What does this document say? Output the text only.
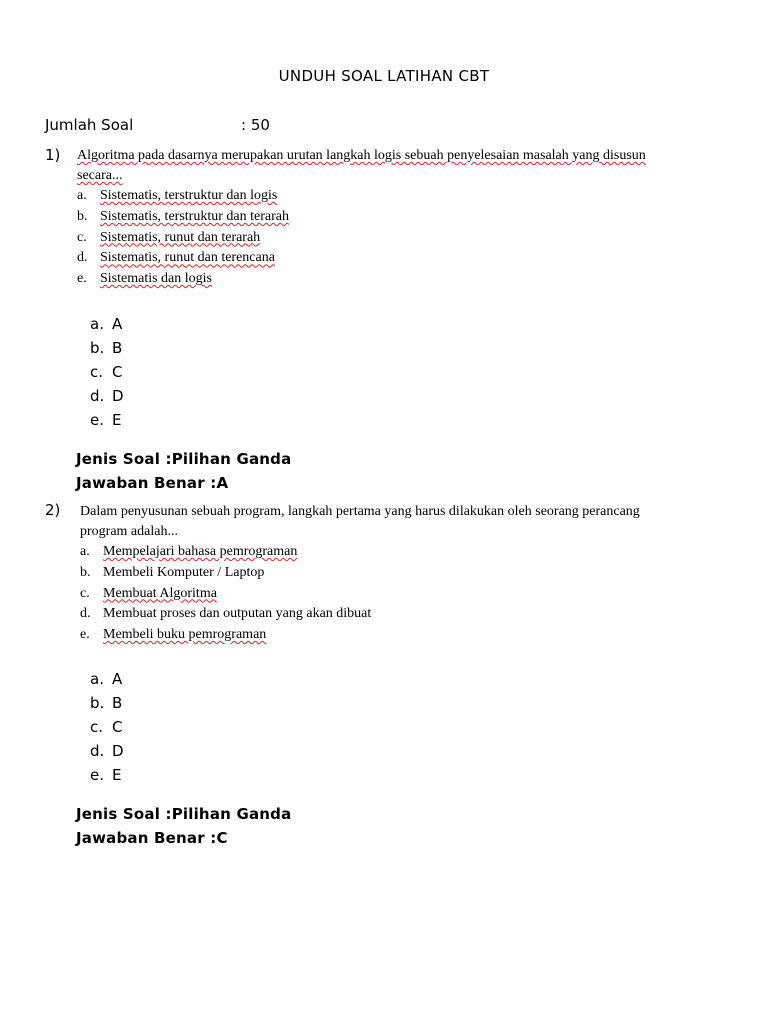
UNDUH SOAL LATIHAN CBT
Jumlah Soal	: 50
1) Algoritma pada dasarnya merupakan urutan langkah logis sebuah penyelesaian masalah yang disusun
secara...
a. Sistematis, terstruktur dan logis
b. Sistematis, terstruktur dan terarah
c. Sistematis, runut dan terarah
d. Sistematis, runut dan terencana
e. Sistematis dan logis
a. A
b. B
c. C
d. D
e. E
Jenis Soal :Pilihan Ganda
Jawaban Benar :A
2) Dalam penyusunan sebuah program, langkah pertama yang harus dilakukan oleh seorang perancang
program adalah...
a. Mempelajari bahasa pemrograman
b. Membeli Komputer / Laptop
c. Membuat Algoritma
d. Membuat proses dan outputan yang akan dibuat
e. Membeli buku pemrograman
a. A
b. B
c. C
d. D
e. E
Jenis Soal :Pilihan Ganda
Jawaban Benar :C
